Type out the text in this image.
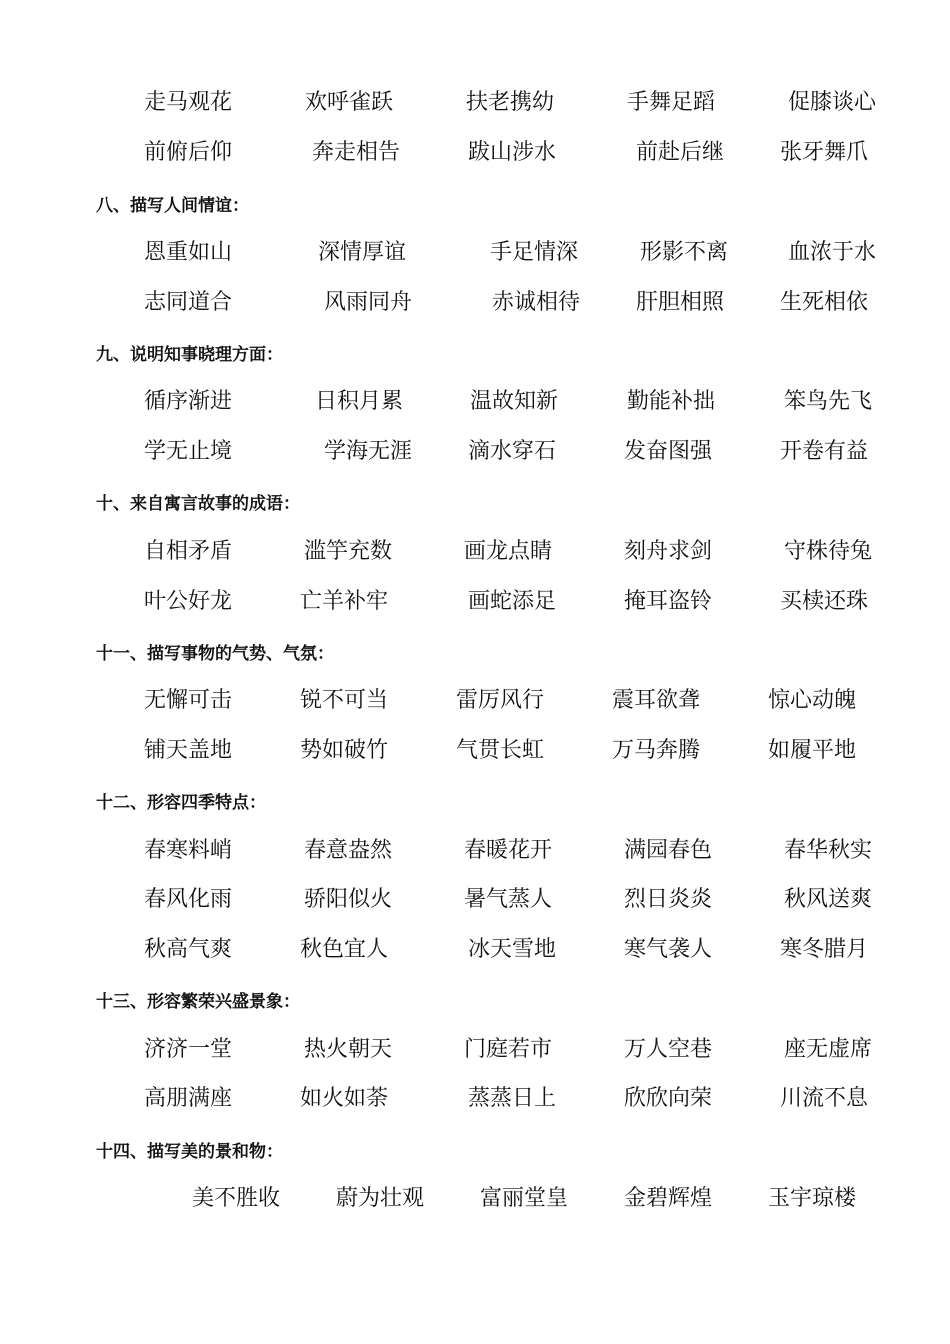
走马观花	欢呼雀跃	扶老携幼	手舞足蹈	促膝谈心
前俯后仰	奔走相告	跋山涉水	前赴后继	张牙舞爪
八、描写人间情谊：
恩重如山	深情厚谊	手足情深	形影不离	血浓于水
志同道合	风雨同舟	赤诚相待	肝胆相照	生死相依
九、说明知事晓理方面：
循序渐进	日积月累	温故知新	勤能补拙	笨鸟先飞
学无止境	学海无涯	滴水穿石	发奋图强	开卷有益
十、来自寓言故事的成语：
自相矛盾	滥竽充数	画龙点睛	刻舟求剑	守株待兔
叶公好龙	亡羊补牢	画蛇添足	掩耳盗铃	买椟还珠
十一、描写事物的气势、气氛：
无懈可击	锐不可当	雷厉风行	震耳欲聋	惊心动魄
铺天盖地	势如破竹	气贯长虹	万马奔腾	如履平地
十二、形容四季特点：
春寒料峭	春意盎然	春暖花开	满园春色	春华秋实
春风化雨	骄阳似火	暑气蒸人	烈日炎炎	秋风送爽
秋高气爽	秋色宜人	冰天雪地	寒气袭人	寒冬腊月
十三、形容繁荣兴盛景象：
济济一堂	热火朝天	门庭若市	万人空巷	座无虚席
高朋满座	如火如荼	蒸蒸日上	欣欣向荣	川流不息
十四、描写美的景和物：
美不胜收	蔚为壮观	富丽堂皇	金碧辉煌	玉宇琼楼
